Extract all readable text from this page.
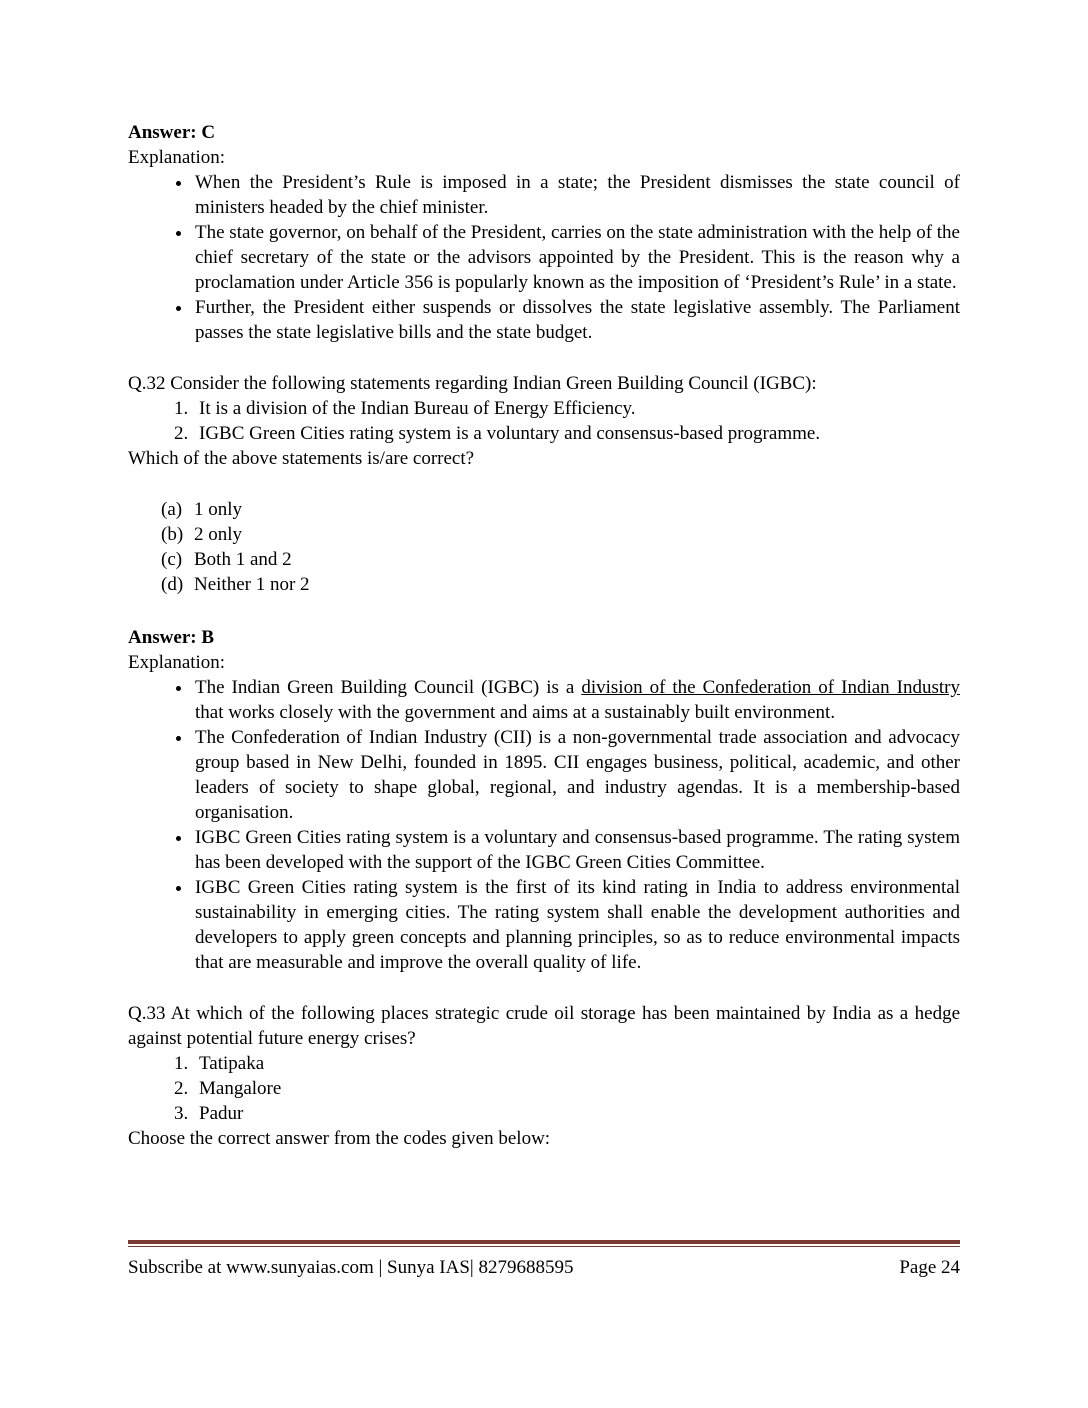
Answer: C

Explanation:

• When the President’s Rule is imposed in a state; the President dismisses the state council of ministers headed by the chief minister.
• The state governor, on behalf of the President, carries on the state administration with the help of the chief secretary of the state or the advisors appointed by the President. This is the reason why a proclamation under Article 356 is popularly known as the imposition of ‘President’s Rule’ in a state.
• Further, the President either suspends or dissolves the state legislative assembly. The Parliament passes the state legislative bills and the state budget.

Q.32 Consider the following statements regarding Indian Green Building Council (IGBC):

1. It is a division of the Indian Bureau of Energy Efficiency.
2. IGBC Green Cities rating system is a voluntary and consensus-based programme.

Which of the above statements is/are correct?

(a) 1 only
(b) 2 only
(c) Both 1 and 2
(d) Neither 1 nor 2

Answer: B

Explanation:

• The Indian Green Building Council (IGBC) is a division of the Confederation of Indian Industry that works closely with the government and aims at a sustainably built environment.
• The Confederation of Indian Industry (CII) is a non-governmental trade association and advocacy group based in New Delhi, founded in 1895. CII engages business, political, academic, and other leaders of society to shape global, regional, and industry agendas. It is a membership-based organisation.
• IGBC Green Cities rating system is a voluntary and consensus-based programme. The rating system has been developed with the support of the IGBC Green Cities Committee.
• IGBC Green Cities rating system is the first of its kind rating in India to address environmental sustainability in emerging cities. The rating system shall enable the development authorities and developers to apply green concepts and planning principles, so as to reduce environmental impacts that are measurable and improve the overall quality of life.

Q.33 At which of the following places strategic crude oil storage has been maintained by India as a hedge against potential future energy crises?

1. Tatipaka
2. Mangalore
3. Padur

Choose the correct answer from the codes given below:

Subscribe at www.sunyaias.com | Sunya IAS| 8279688595	Page 24
